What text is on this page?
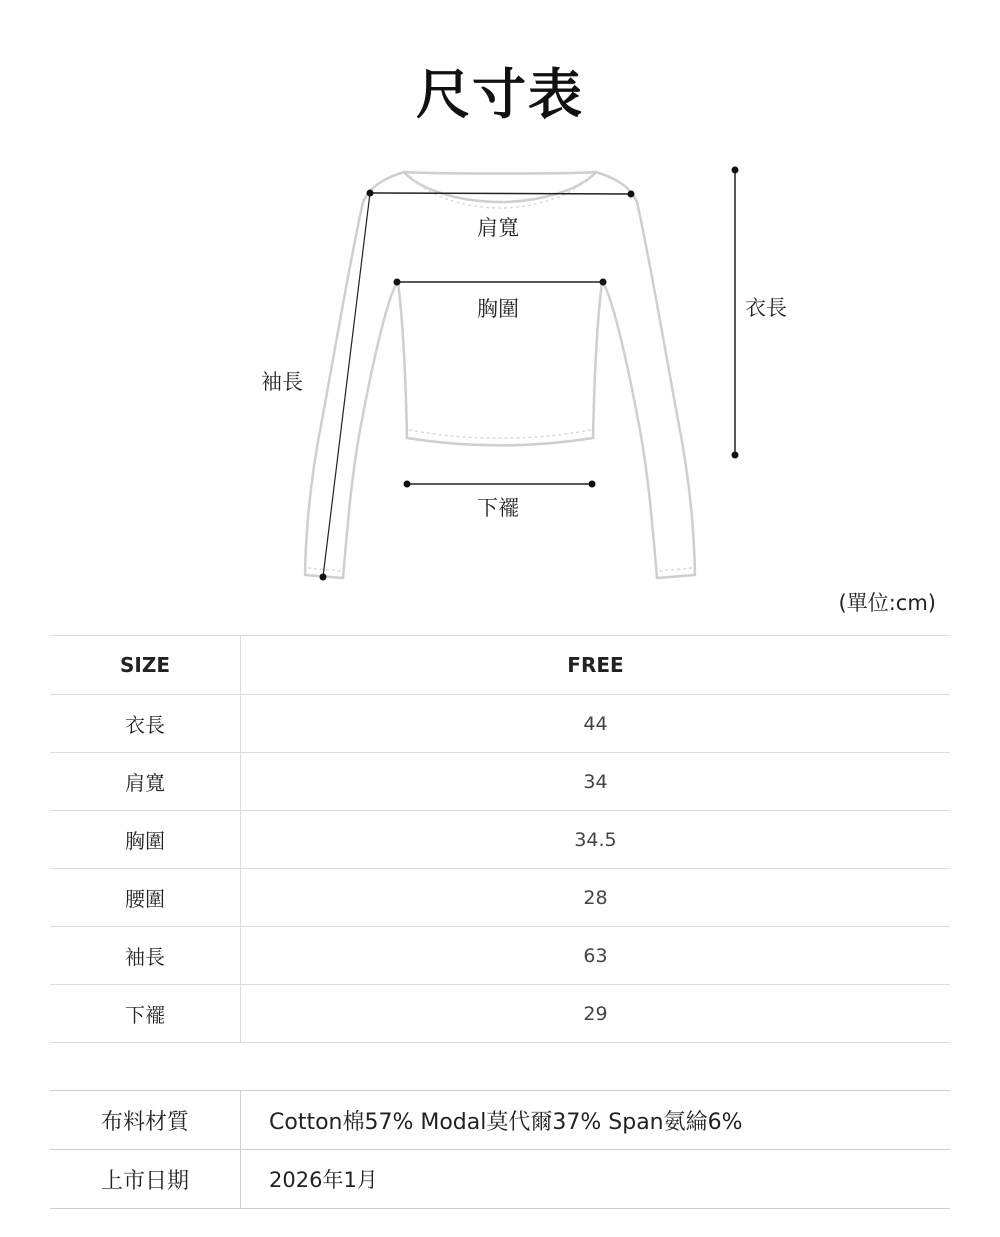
尺寸表
肩寬
胸圍	衣長
袖長
下襬
(單位:cm)
SIZE	FREE
衣長	44
肩寬	34
胸圍	34.5
腰圍	28
袖長	63
下襬	29
布料材質	Cotton棉57% Modal莫代爾37% Span氨綸6%
上市日期	2026年1月
